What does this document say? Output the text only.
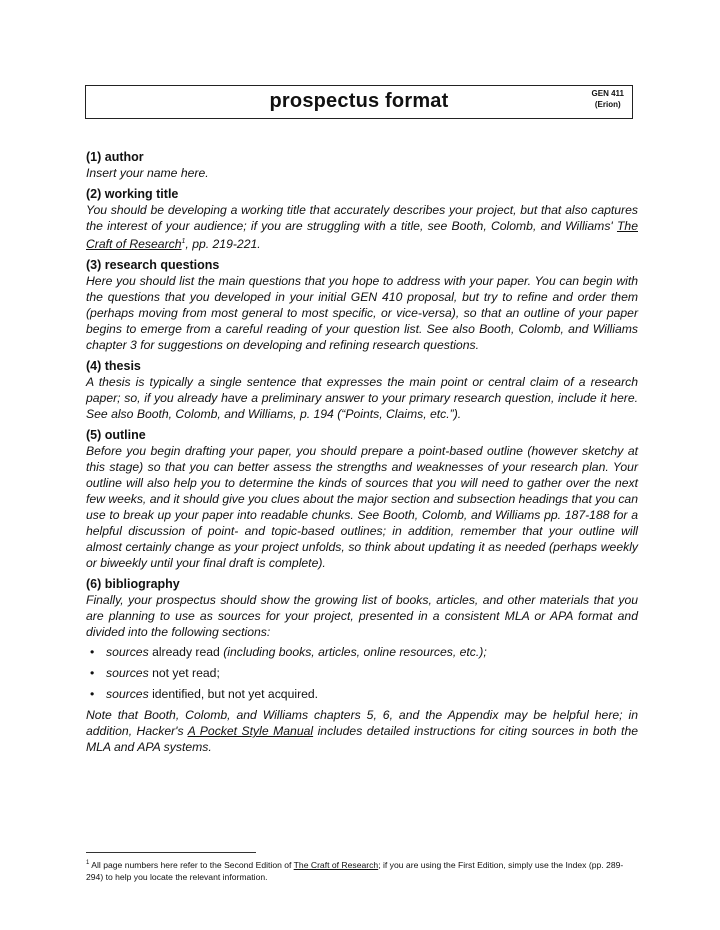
prospectus format	GEN 411
(Erion)
(1) author
Insert your name here.
(2) working title
You should be developing a working title that accurately describes your project, but that also captures the interest of your audience; if you are struggling with a title, see Booth, Colomb, and Williams' The Craft of Research$^1$, pp. 219-221.
(3) research questions
Here you should list the main questions that you hope to address with your paper. You can begin with the questions that you developed in your initial GEN 410 proposal, but try to refine and order them (perhaps moving from most general to most specific, or vice-versa), so that an outline of your paper begins to emerge from a careful reading of your question list. See also Booth, Colomb, and Williams chapter 3 for suggestions on developing and refining research questions.
(4) thesis
A thesis is typically a single sentence that expresses the main point or central claim of a research paper; so, if you already have a preliminary answer to your primary research question, include it here. See also Booth, Colomb, and Williams, p. 194 (“Points, Claims, etc.”).
(5) outline
Before you begin drafting your paper, you should prepare a point-based outline (however sketchy at this stage) so that you can better assess the strengths and weaknesses of your research plan. Your outline will also help you to determine the kinds of sources that you will need to gather over the next few weeks, and it should give you clues about the major section and subsection headings that you can use to break up your paper into readable chunks. See Booth, Colomb, and Williams pp. 187-188 for a helpful discussion of point- and topic-based outlines; in addition, remember that your outline will almost certainly change as your project unfolds, so think about updating it as needed (perhaps weekly or biweekly until your final draft is complete).
(6) bibliography
Finally, your prospectus should show the growing list of books, articles, and other materials that you are planning to use as sources for your project, presented in a consistent MLA or APA format and divided into the following sections:
• sources already read (including books, articles, online resources, etc.);
• sources not yet read;
• sources identified, but not yet acquired.
Note that Booth, Colomb, and Williams chapters 5, 6, and the Appendix may be helpful here; in addition, Hacker's A Pocket Style Manual includes detailed instructions for citing sources in both the MLA and APA systems.
$^1$ All page numbers here refer to the Second Edition of The Craft of Research; if you are using the First Edition, simply use the Index (pp. 289-294) to help you locate the relevant information.
